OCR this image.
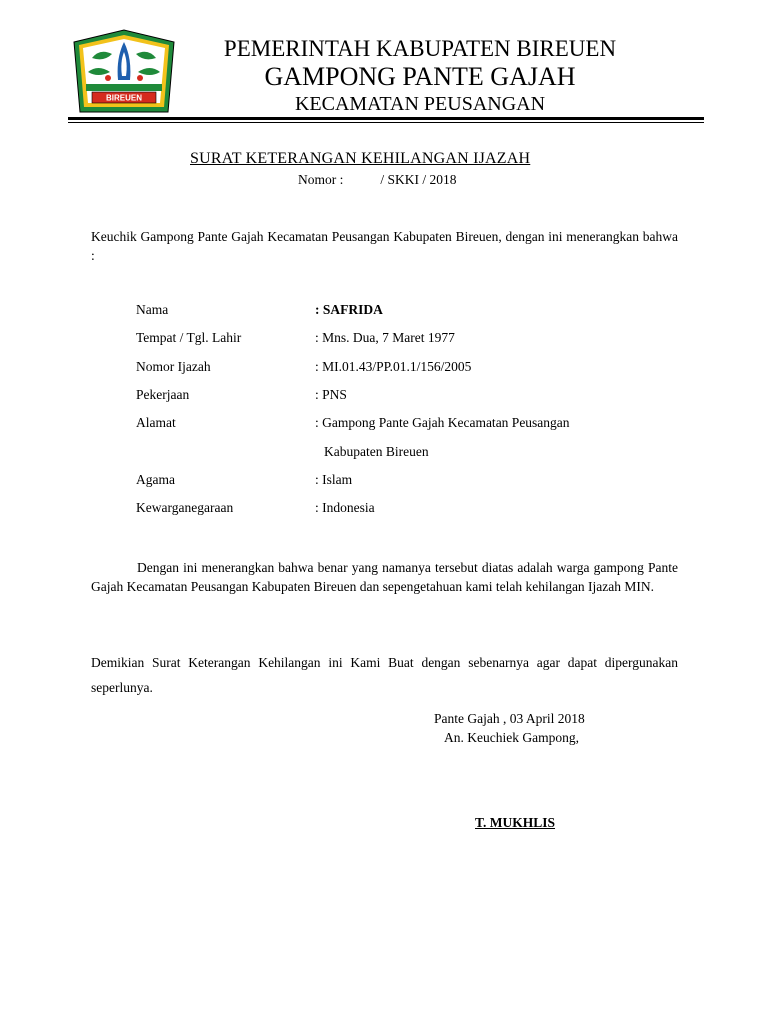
BIREUEN
PEMERINTAH KABUPATEN BIREUEN
GAMPONG PANTE GAJAH
KECAMATAN PEUSANGAN
SURAT KETERANGAN KEHILANGAN IJAZAH
Nomor :	/ SKKI / 2018
Keuchik Gampong Pante Gajah Kecamatan Peusangan Kabupaten Bireuen, dengan ini menerangkan bahwa :
Nama	: SAFRIDA
Tempat / Tgl. Lahir	: Mns. Dua, 7 Maret 1977
Nomor Ijazah	: MI.01.43/PP.01.1/156/2005
Pekerjaan	: PNS
Alamat	: Gampong Pante Gajah Kecamatan Peusangan
Kabupaten Bireuen
Agama	: Islam
Kewarganegaraan	: Indonesia
Dengan ini menerangkan bahwa benar yang namanya tersebut diatas adalah warga gampong Pante Gajah Kecamatan Peusangan Kabupaten Bireuen dan sepengetahuan kami telah kehilangan Ijazah MIN.
Demikian Surat Keterangan Kehilangan ini Kami Buat dengan sebenarnya agar dapat dipergunakan seperlunya.
Pante Gajah , 03 April 2018
An. Keuchiek Gampong,
T. MUKHLIS
